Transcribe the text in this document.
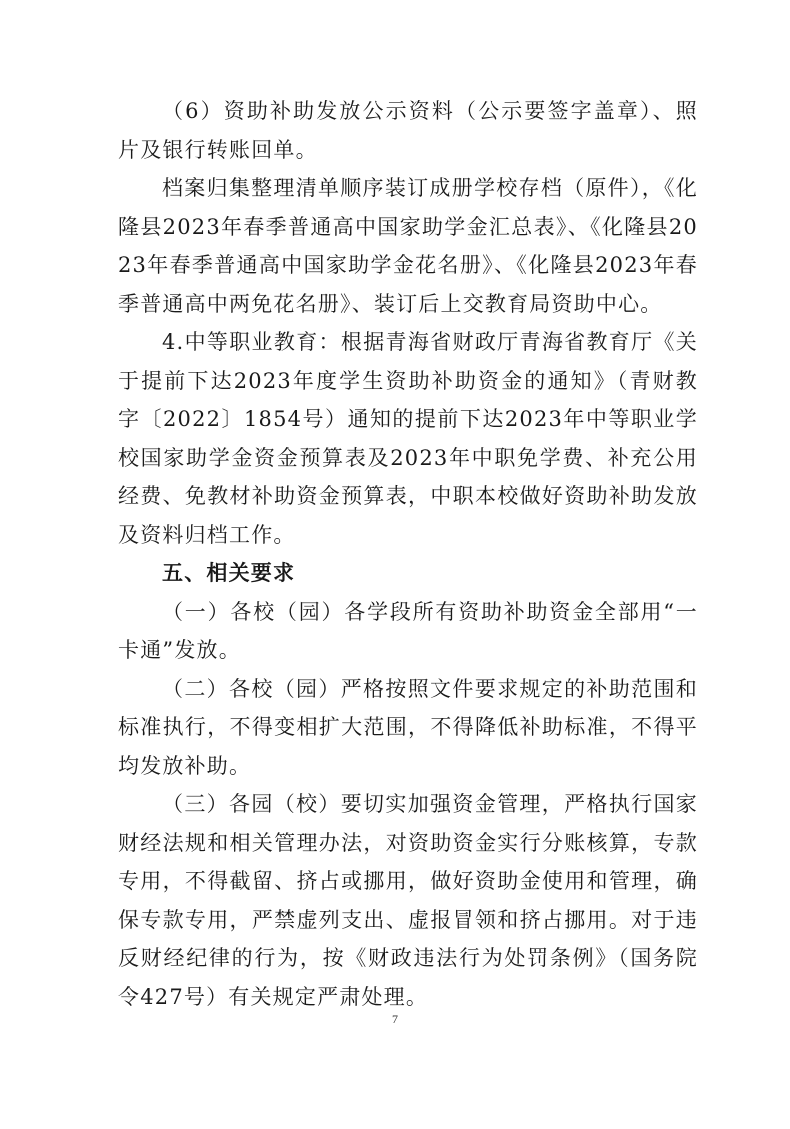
（6）资助补助发放公示资料（公示要签字盖章）、照片及银行转账回单。

档案归集整理清单顺序装订成册学校存档（原件），《化隆县2023年春季普通高中国家助学金汇总表》、《化隆县2023年春季普通高中国家助学金花名册》、《化隆县2023年春季普通高中两免花名册》、装订后上交教育局资助中心。

4.中等职业教育：根据青海省财政厅青海省教育厅《关于提前下达2023年度学生资助补助资金的通知》（青财教字〔2022〕1854号）通知的提前下达2023年中等职业学校国家助学金资金预算表及2023年中职免学费、补充公用经费、免教材补助资金预算表，中职本校做好资助补助发放及资料归档工作。

五、相关要求

（一）各校（园）各学段所有资助补助资金全部用“一卡通”发放。

（二）各校（园）严格按照文件要求规定的补助范围和标准执行，不得变相扩大范围，不得降低补助标准，不得平均发放补助。

（三）各园（校）要切实加强资金管理，严格执行国家财经法规和相关管理办法，对资助资金实行分账核算，专款专用，不得截留、挤占或挪用，做好资助金使用和管理，确保专款专用，严禁虚列支出、虚报冒领和挤占挪用。对于违反财经纪律的行为，按《财政违法行为处罚条例》（国务院令427号）有关规定严肃处理。

7
